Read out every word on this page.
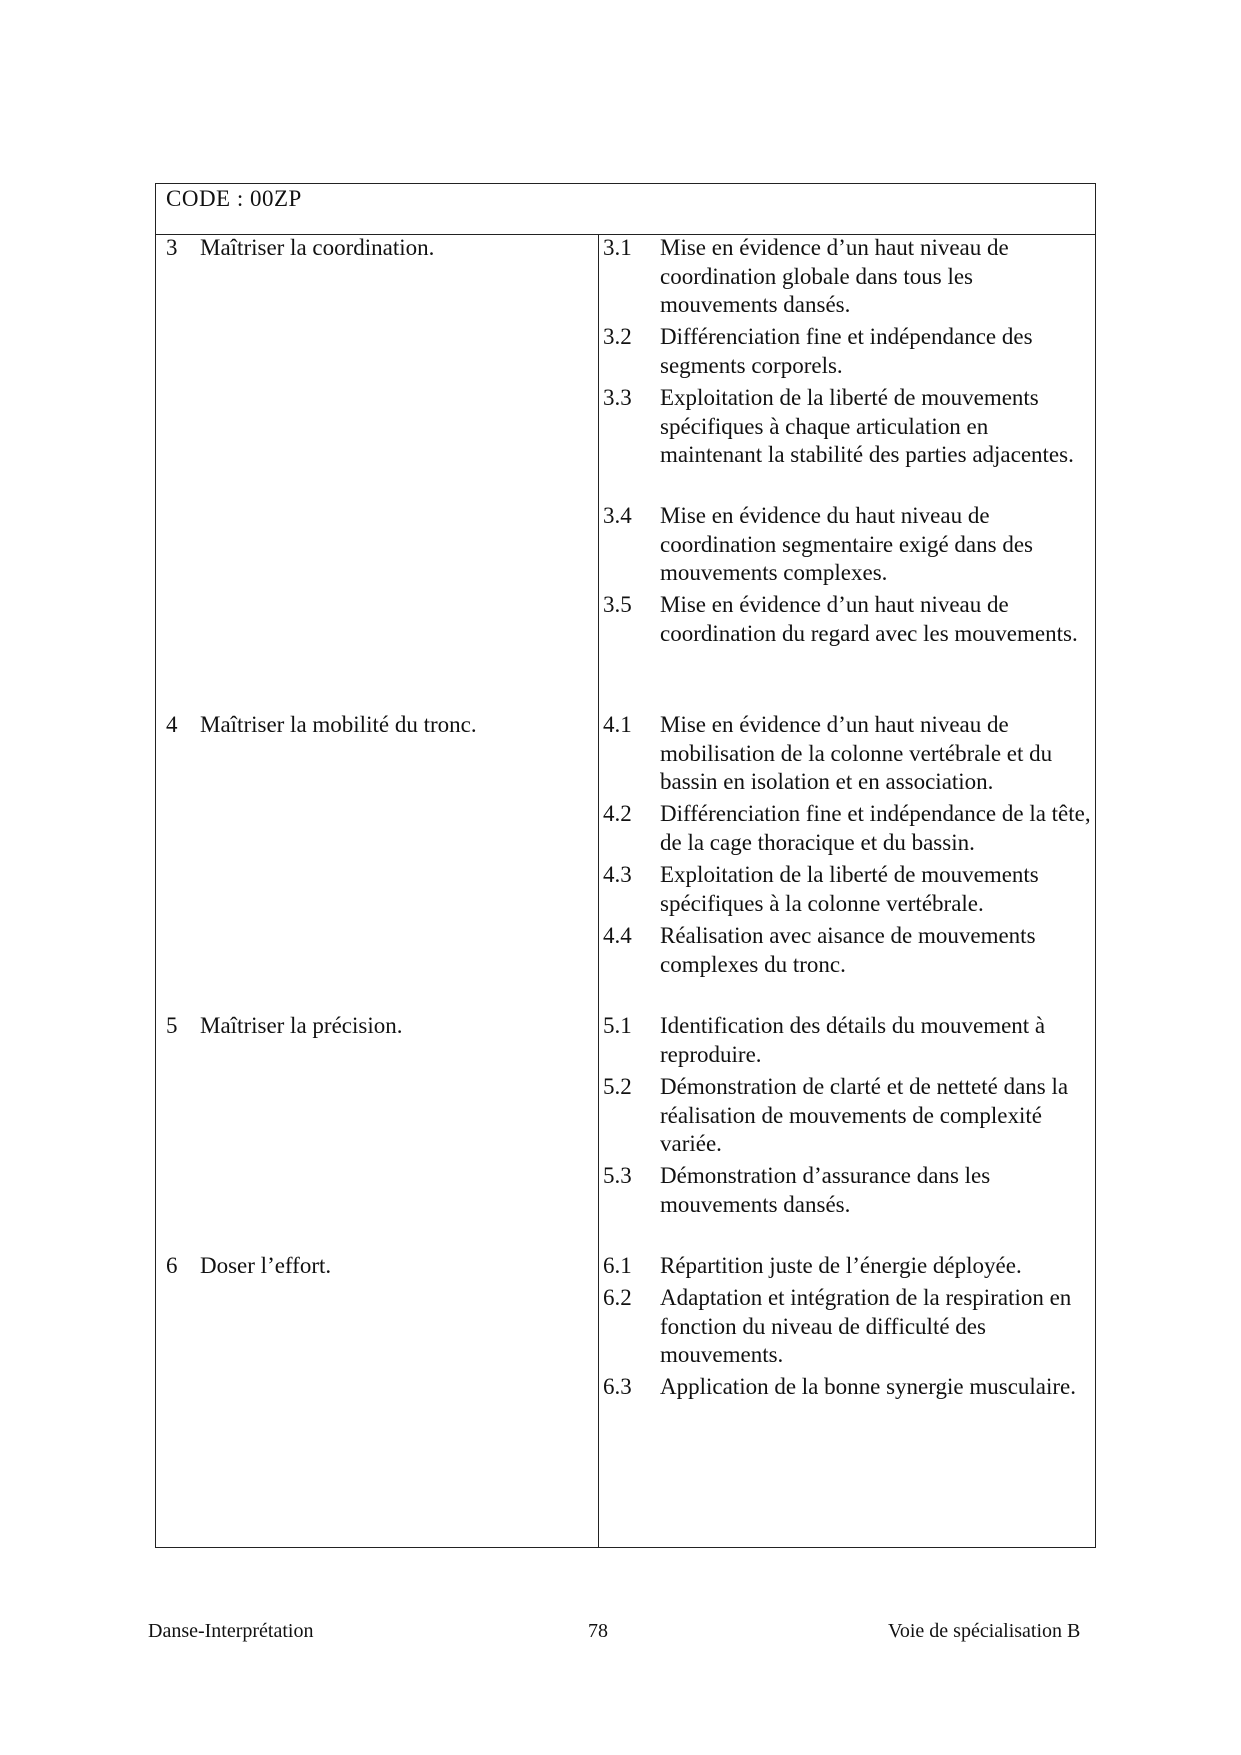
CODE : 00ZP
3 Maîtriser la coordination.
4 Maîtriser la mobilité du tronc.
5 Maîtriser la précision.
6 Doser l’effort.
3.1 Mise en évidence d’un haut niveau de coordination globale dans tous les mouvements dansés.
3.2 Différenciation fine et indépendance des segments corporels.
3.3 Exploitation de la liberté de mouvements spécifiques à chaque articulation en maintenant la stabilité des parties adjacentes.
3.4 Mise en évidence du haut niveau de coordination segmentaire exigé dans des mouvements complexes.
3.5 Mise en évidence d’un haut niveau de coordination du regard avec les mouvements.
4.1 Mise en évidence d’un haut niveau de mobilisation de la colonne vertébrale et du bassin en isolation et en association.
4.2 Différenciation fine et indépendance de la tête, de la cage thoracique et du bassin.
4.3 Exploitation de la liberté de mouvements spécifiques à la colonne vertébrale.
4.4 Réalisation avec aisance de mouvements complexes du tronc.
5.1 Identification des détails du mouvement à reproduire.
5.2 Démonstration de clarté et de netteté dans la réalisation de mouvements de complexité variée.
5.3 Démonstration d’assurance dans les mouvements dansés.
6.1 Répartition juste de l’énergie déployée.
6.2 Adaptation et intégration de la respiration en fonction du niveau de difficulté des mouvements.
6.3 Application de la bonne synergie musculaire.
Danse-Interprétation	78	Voie de spécialisation B
